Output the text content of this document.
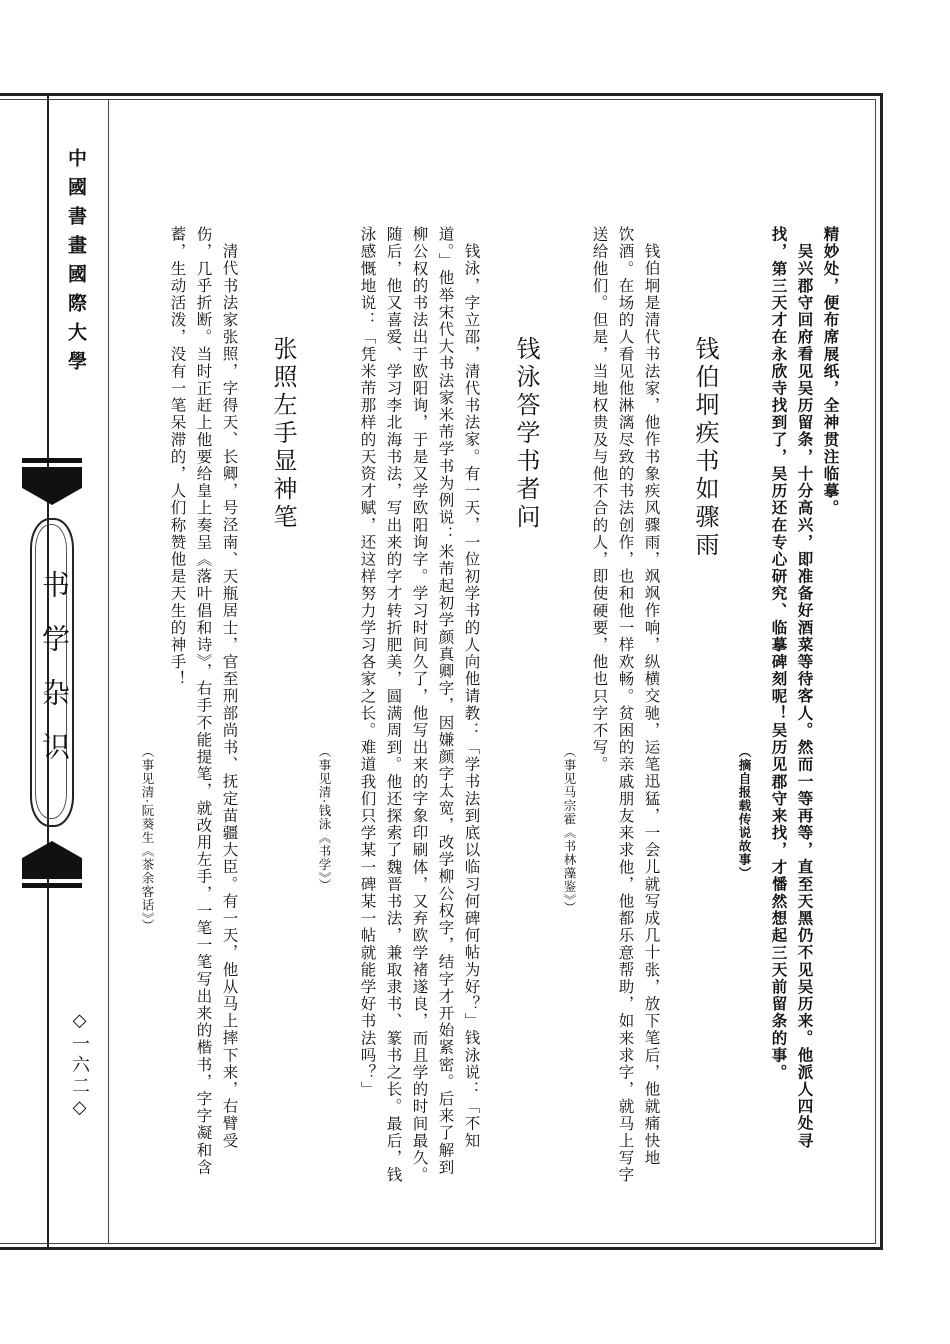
中國書畫國際大學
书学杂识
◇一六二◇
精妙处，便布席展纸，全神贯注临摹。
吴兴郡守回府看见吴历留条，十分高兴，即准备好酒菜等待客人。然而一等再等，直至天黑仍不见吴历来。他派人四处寻
找，第三天才在永欣寺找到了，吴历还在专心研究、临摹碑刻呢！吴历见郡守来找，才憣然想起三天前留条的事。
（摘自报载传说故事）
钱伯坰疾书如骤雨
钱伯坰是清代书法家，他作书象疾风骤雨，飒飒作响，纵横交驰，运笔迅猛，一会儿就写成几十张，放下笔后，他就痛快地
饮酒。在场的人看见他淋漓尽致的书法创作，也和他一样欢畅。贫困的亲戚朋友来求他，他都乐意帮助，如来求字，就马上写字
送给他们。但是，当地权贵及与他不合的人，即使硬要，他也只字不写。
（事见马宗霍《书林藻鉴》）
钱泳答学书者问
钱泳，字立邵，清代书法家。有一天，一位初学书的人向他请教：「学书法到底以临习何碑何帖为好？」钱泳说：「不知
道。」他举宋代大书法家米芾学书为例说：米芾起初学颜真卿字，因嫌颜字太宽，改学柳公权字，结字才开始紧密。后来了解到
柳公权的书法出于欧阳询，于是又学欧阳询字。学习时间久了，他写出来的字象印刷体，又弃欧学褚遂良，而且学的时间最久。
随后，他又喜爱、学习李北海书法，写出来的字才转折肥美，圆满周到。他还探索了魏晋书法，兼取隶书、篆书之长。最后，钱
泳感慨地说：「凭米芾那样的天资才赋，还这样努力学习各家之长。难道我们只学某一碑某一帖就能学好书法吗？」
（事见清·钱泳《书学》）
张照左手显神笔
清代书法家张照，字得天、长卿，号泾南、天瓶居士，官至刑部尚书、抚定苗疆大臣。有一天，他从马上摔下来，右臂受
伤，几乎折断。当时正赶上他要给皇上奏呈《落叶倡和诗》，右手不能提笔，就改用左手，一笔一笔写出来的楷书，字字凝和含
蓄，生动活泼，没有一笔呆滞的，人们称赞他是天生的神手！
（事见清·阮葵生《茶余客话》）
